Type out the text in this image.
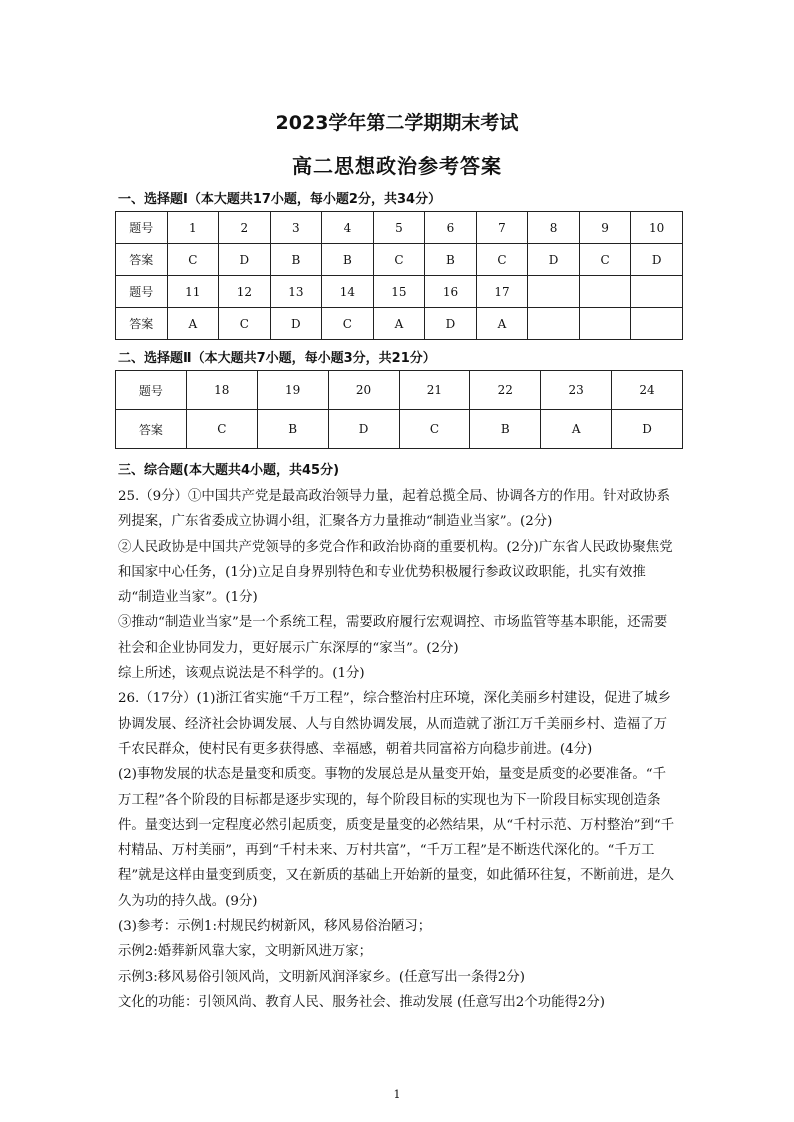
2023学年第二学期期末考试
高二思想政治参考答案
一、选择题Ⅰ（本大题共17小题，每小题2分，共34分）
题号	1	2	3	4	5	6	7	8	9	10
答案	C	D	B	B	C	B	C	D	C	D
题号	11	12	13	14	15	16	17			
答案	A	C	D	C	A	D	A			
二、选择题Ⅱ（本大题共7小题，每小题3分，共21分）
题号	18	19	20	21	22	23	24
答案	C	B	D	C	B	A	D
三、综合题(本大题共4小题，共45分)

25.（9分）①中国共产党是最高政治领导力量，起着总揽全局、协调各方的作用。针对政协系列提案，广东省委成立协调小组，汇聚各方力量推动“制造业当家”。(2分)

②人民政协是中国共产党领导的多党合作和政治协商的重要机构。(2分)广东省人民政协聚焦党和国家中心任务，(1分)立足自身界别特色和专业优势积极履行参政议政职能，扎实有效推动“制造业当家”。(1分)

③推动“制造业当家”是一个系统工程，需要政府履行宏观调控、市场监管等基本职能，还需要社会和企业协同发力，更好展示广东深厚的“家当”。(2分)

综上所述，该观点说法是不科学的。(1分)

26.（17分）(1)浙江省实施“千万工程”，综合整治村庄环境，深化美丽乡村建设，促进了城乡协调发展、经济社会协调发展、人与自然协调发展，从而造就了浙江万千美丽乡村、造福了万千农民群众，使村民有更多获得感、幸福感，朝着共同富裕方向稳步前进。(4分)

(2)事物发展的状态是量变和质变。事物的发展总是从量变开始，量变是质变的必要准备。“千万工程”各个阶段的目标都是逐步实现的，每个阶段目标的实现也为下一阶段目标实现创造条件。量变达到一定程度必然引起质变，质变是量变的必然结果，从“千村示范、万村整治”到“千村精品、万村美丽”，再到“千村未来、万村共富”，“千万工程”是不断迭代深化的。“千万工程”就是这样由量变到质变，又在新质的基础上开始新的量变，如此循环往复，不断前进，是久久为功的持久战。(9分)

(3)参考：示例1:村规民约树新风，移风易俗治陋习；

示例2:婚葬新风靠大家，文明新风进万家；

示例3:移风易俗引领风尚，文明新风润泽家乡。(任意写出一条得2分)

文化的功能：引领风尚、教育人民、服务社会、推动发展 (任意写出2个功能得2分)

1
